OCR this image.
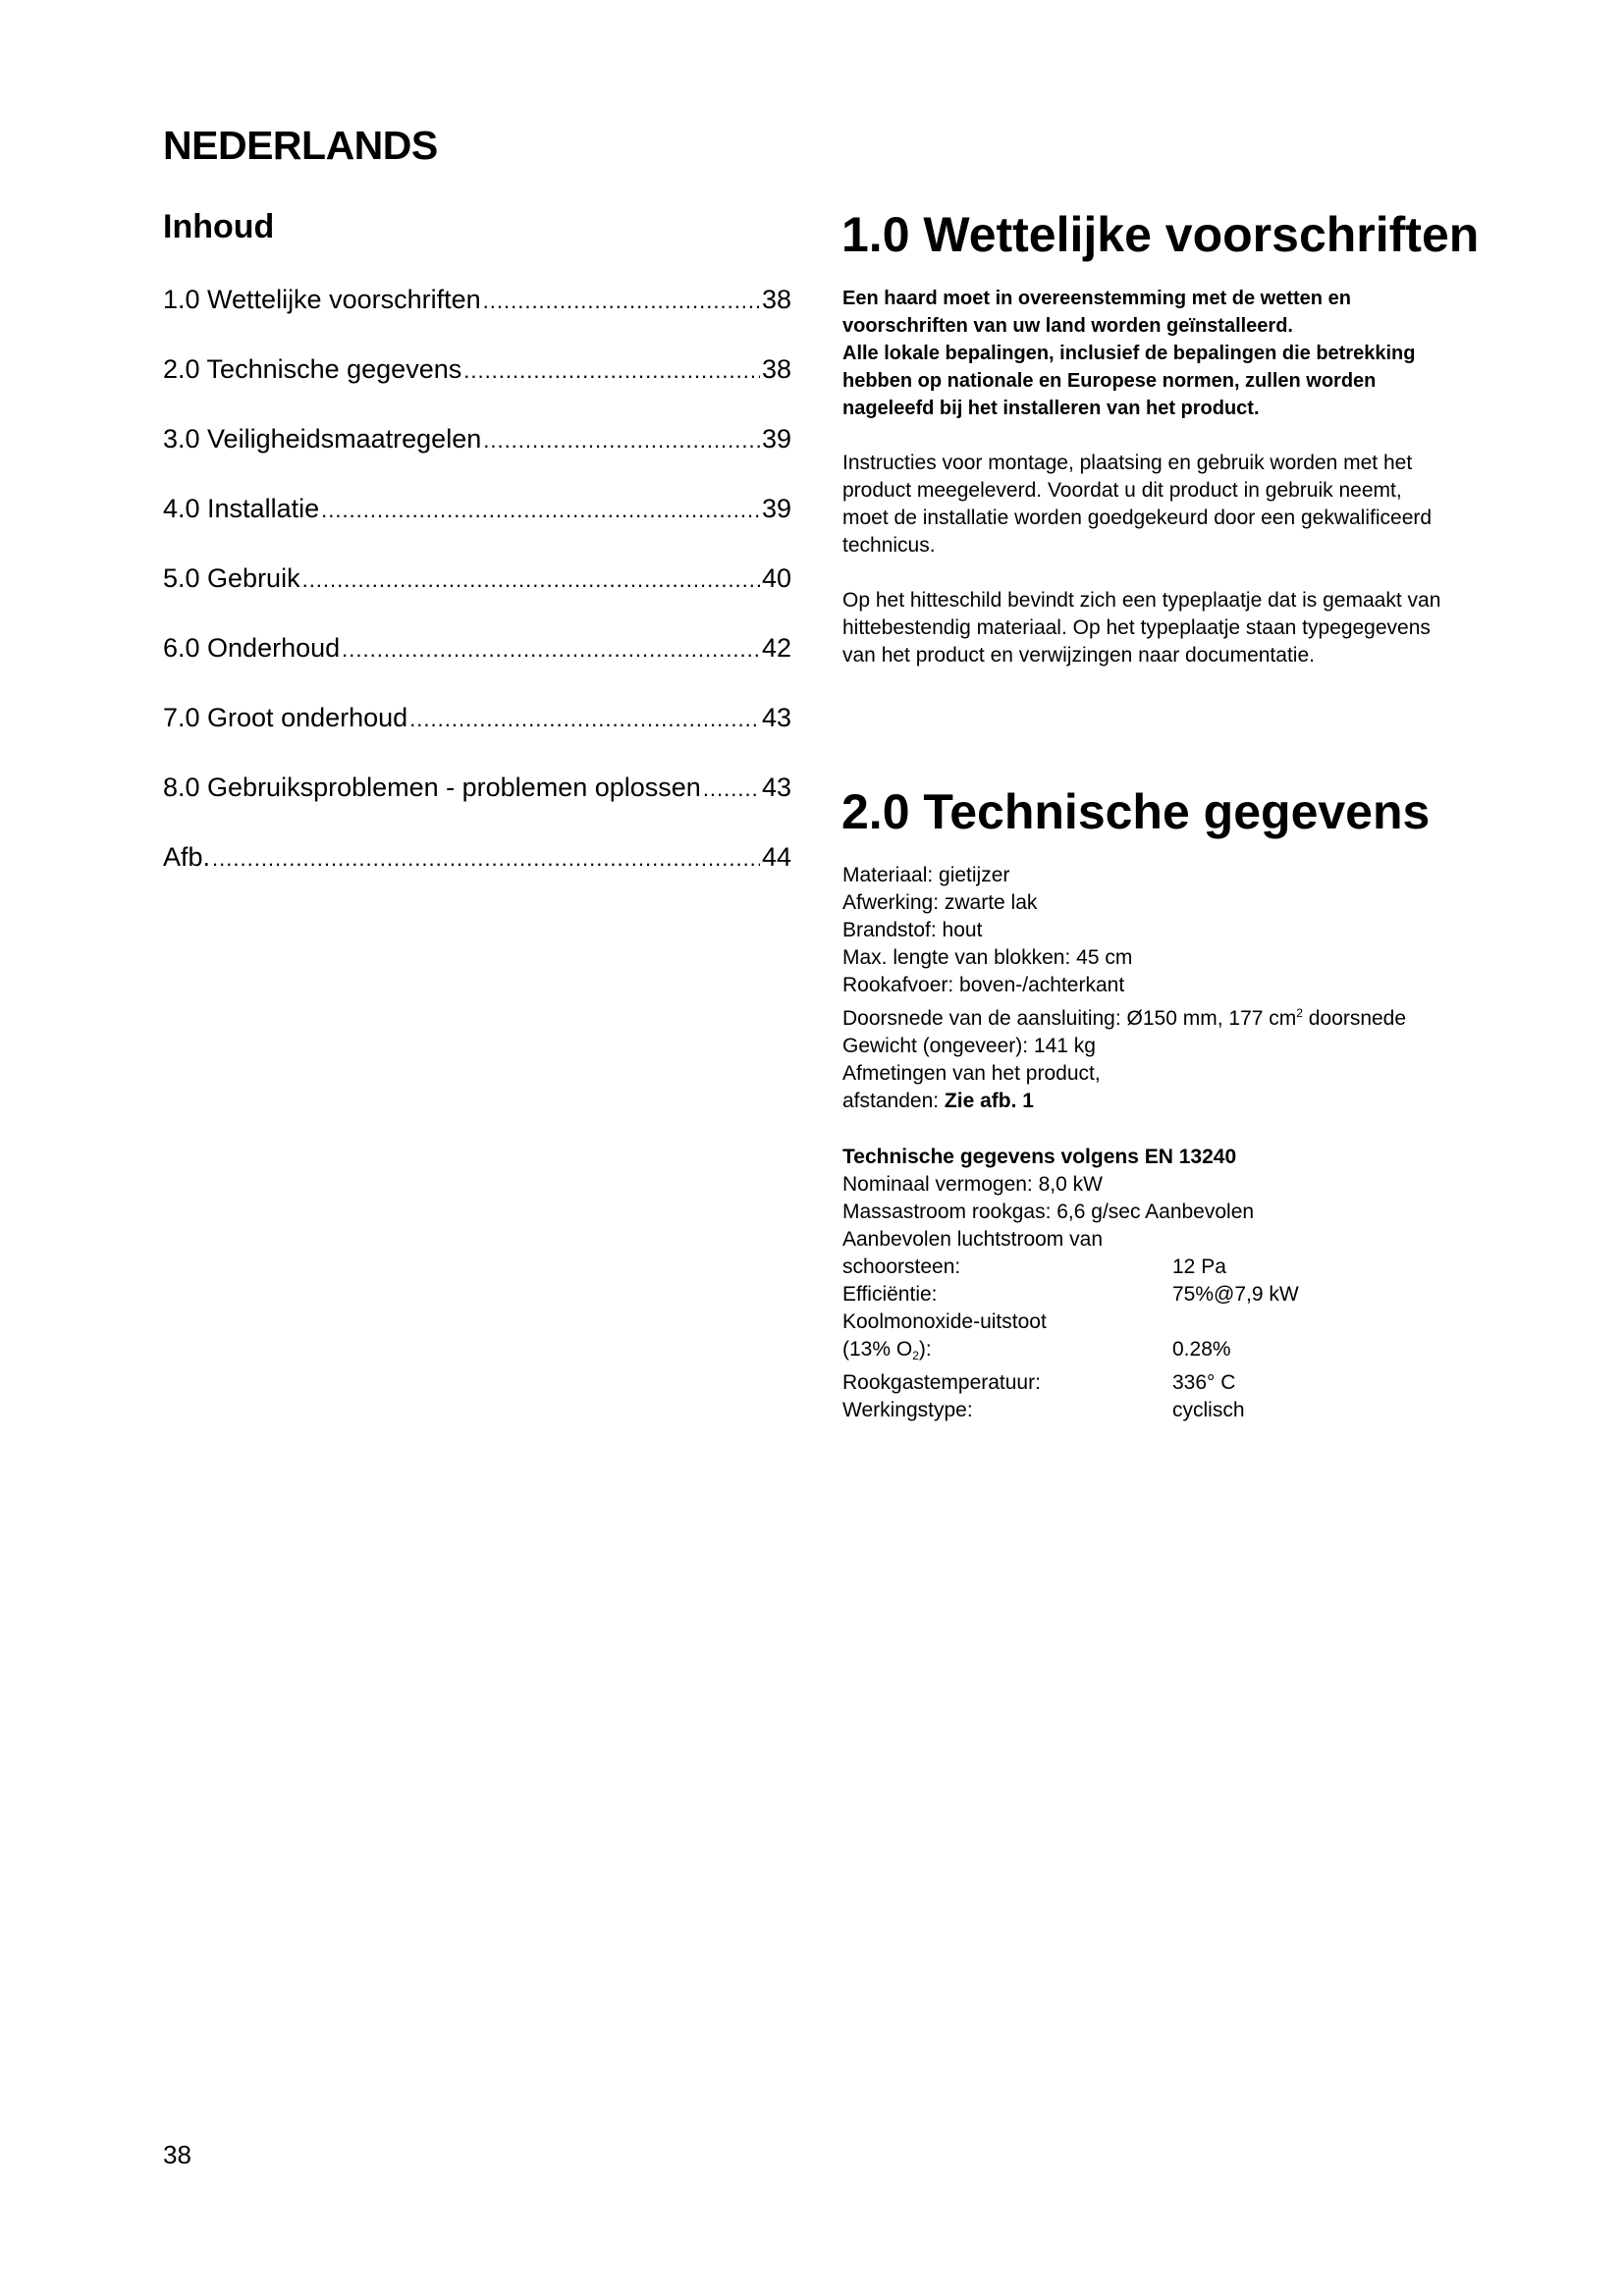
NEDERLANDS
Inhoud
1.0 Wettelijke voorschriften .....	38
2.0 Technische gegevens .....	38
3.0 Veiligheidsmaatregelen .....	39
4.0 Installatie .....	39
5.0 Gebruik .....	40
6.0 Onderhoud .....	42
7.0 Groot onderhoud .....	43
8.0 Gebruiksproblemen - problemen oplossen ..... 43
Afb. .....	44
1.0 Wettelijke voorschriften
Een haard moet in overeenstemming met de wetten en
voorschriften van uw land worden geïnstalleerd.
Alle lokale bepalingen, inclusief de bepalingen die betrekking
hebben op nationale en Europese normen, zullen worden
nageleefd bij het installeren van het product.
Instructies voor montage, plaatsing en gebruik worden met het
product meegeleverd. Voordat u dit product in gebruik neemt,
moet de installatie worden goedgekeurd door een gekwalificeerd
technicus.
Op het hitteschild bevindt zich een typeplaatje dat is gemaakt van
hittebestendig materiaal. Op het typeplaatje staan typegegevens
van het product en verwijzingen naar documentatie.
2.0 Technische gegevens
Materiaal: gietijzer
Afwerking: zwarte lak
Brandstof: hout
Max. lengte van blokken: 45 cm
Rookafvoer: boven-/achterkant
Doorsnede van de aansluiting: Ø150 mm, 177 $cm^2$ doorsnede
Gewicht (ongeveer): 141 kg
Afmetingen van het product,
afstanden: Zie afb. 1
Technische gegevens volgens EN 13240
Nominaal vermogen: 8,0 kW
Massastroom rookgas: 6,6 g/sec Aanbevolen
Aanbevolen luchtstroom van
schoorsteen:	12 Pa
Efficiëntie:	75%@7,9 kW
Koolmonoxide-uitstoot
(13% $O_2$):	0.28%
Rookgastemperatuur:	336° C
Werkingstype:	cyclisch
38
